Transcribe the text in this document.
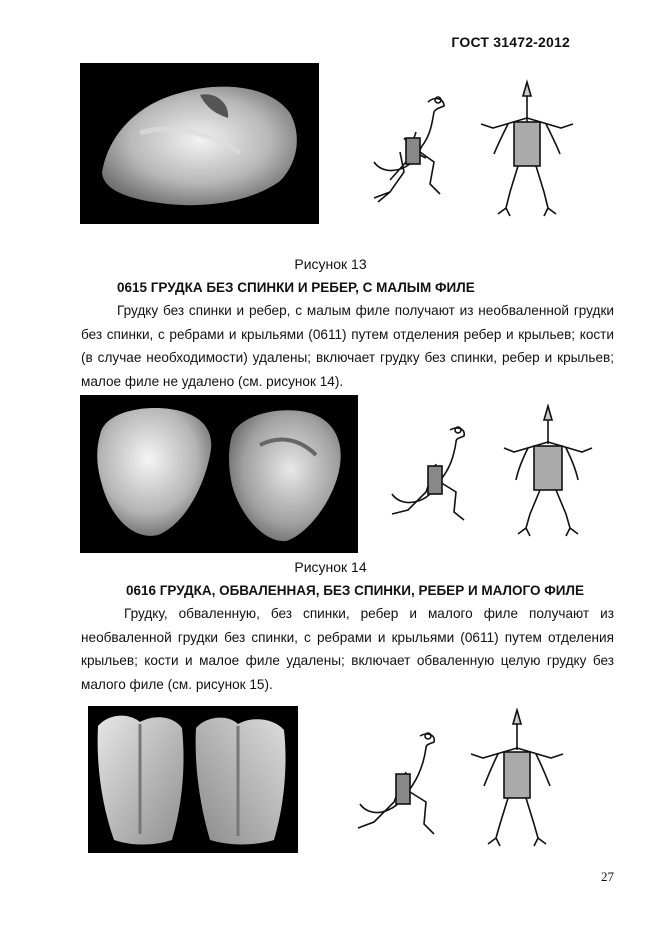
ГОСТ 31472-2012
Рисунок 13
0615 ГРУДКА БЕЗ СПИНКИ И РЕБЕР, С МАЛЫМ ФИЛЕ
Грудку без спинки и ребер, с малым филе получают из необваленной грудки без спинки, с ребрами и крыльями (0611) путем отделения ребер и крыльев; кости (в случае необходимости) удалены; включает грудку без спинки, ребер и крыльев; малое филе не удалено (см. рисунок 14).
Рисунок 14
0616 ГРУДКА, ОБВАЛЕННАЯ, БЕЗ СПИНКИ, РЕБЕР И МАЛОГО ФИЛЕ
Грудку, обваленную, без спинки, ребер и малого филе получают из необваленной грудки без спинки, с ребрами и крыльями (0611) путем отделения крыльев; кости и малое филе удалены; включает обваленную целую грудку без малого филе (см. рисунок 15).
27
